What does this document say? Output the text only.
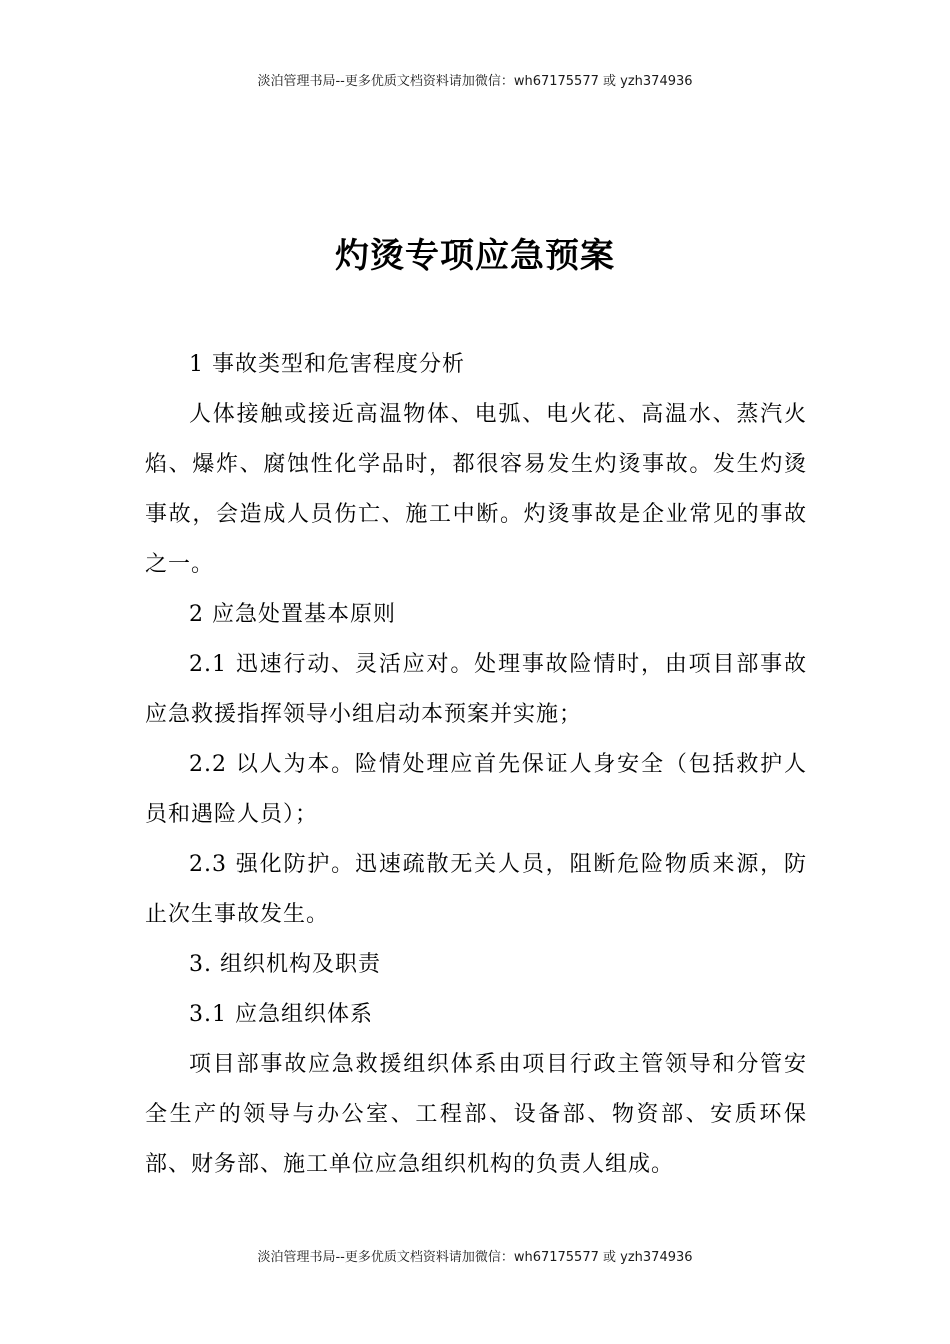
淡泊管理书局--更多优质文档资料请加微信：wh67175577 或 yzh374936
灼烫专项应急预案

1 事故类型和危害程度分析

人体接触或接近高温物体、电弧、电火花、高温水、蒸汽火焰、爆炸、腐蚀性化学品时，都很容易发生灼烫事故。发生灼烫事故，会造成人员伤亡、施工中断。灼烫事故是企业常见的事故之一。

2 应急处置基本原则

2.1 迅速行动、灵活应对。处理事故险情时，由项目部事故应急救援指挥领导小组启动本预案并实施；

2.2 以人为本。险情处理应首先保证人身安全（包括救护人员和遇险人员）；

2.3 强化防护。迅速疏散无关人员，阻断危险物质来源，防止次生事故发生。

3. 组织机构及职责

3.1 应急组织体系

项目部事故应急救援组织体系由项目行政主管领导和分管安全生产的领导与办公室、工程部、设备部、物资部、安质环保部、财务部、施工单位应急组织机构的负责人组成。

淡泊管理书局--更多优质文档资料请加微信：wh67175577 或 yzh374936
